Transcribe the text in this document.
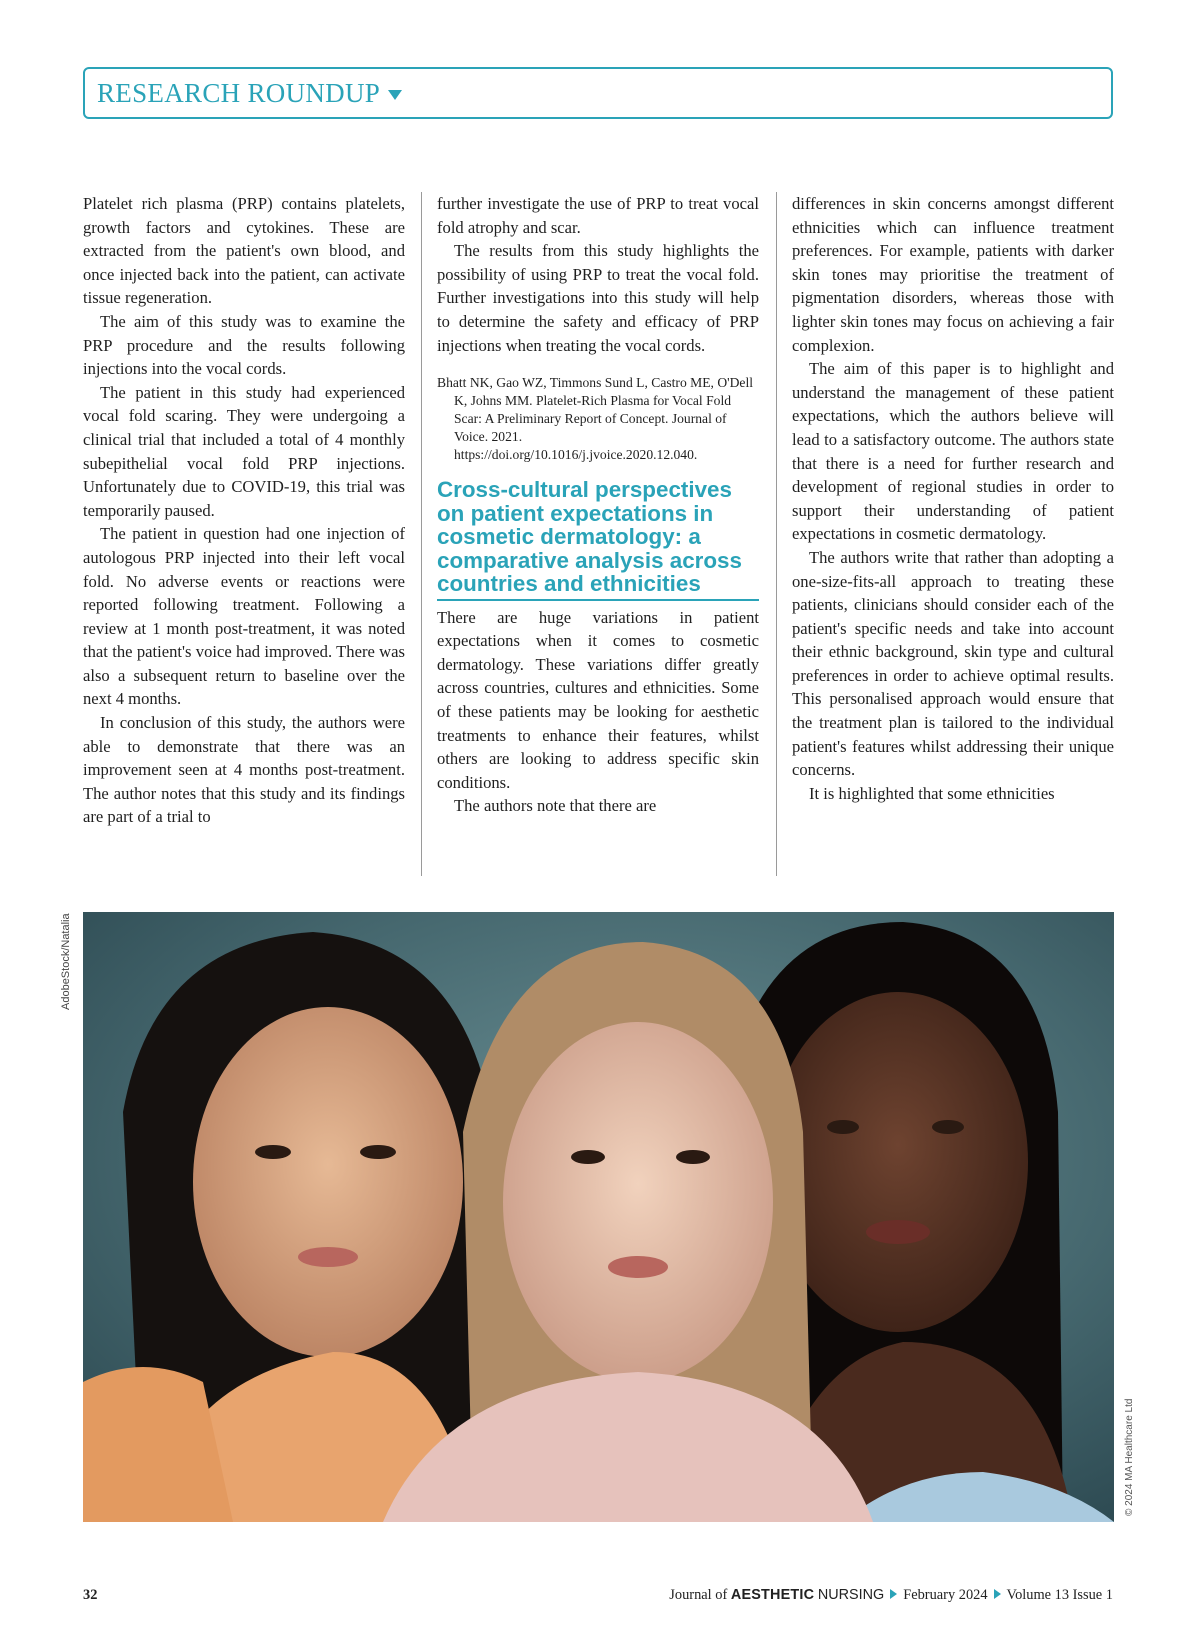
RESEARCH ROUNDUP

Platelet rich plasma (PRP) contains platelets, growth factors and cytokines. These are extracted from the patient's own blood, and once injected back into the patient, can activate tissue regeneration.

The aim of this study was to examine the PRP procedure and the results following injections into the vocal cords.

The patient in this study had experienced vocal fold scaring. They were undergoing a clinical trial that included a total of 4 monthly subepithelial vocal fold PRP injections. Unfortunately due to COVID-19, this trial was temporarily paused.

The patient in question had one injection of autologous PRP injected into their left vocal fold. No adverse events or reactions were reported following treatment. Following a review at 1 month post-treatment, it was noted that the patient's voice had improved. There was also a subsequent return to baseline over the next 4 months.

In conclusion of this study, the authors were able to demonstrate that there was an improvement seen at 4 months post-treatment. The author notes that this study and its findings are part of a trial to

further investigate the use of PRP to treat vocal fold atrophy and scar.

The results from this study highlights the possibility of using PRP to treat the vocal fold. Further investigations into this study will help to determine the safety and efficacy of PRP injections when treating the vocal cords.

Bhatt NK, Gao WZ, Timmons Sund L, Castro ME, O'Dell K, Johns MM. Platelet-Rich Plasma for Vocal Fold Scar: A Preliminary Report of Concept. Journal of Voice. 2021. https://doi.org/10.1016/j.jvoice.2020.12.040.
Cross-cultural perspectives on patient expectations in cosmetic dermatology: a comparative analysis across countries and ethnicities

There are huge variations in patient expectations when it comes to cosmetic dermatology. These variations differ greatly across countries, cultures and ethnicities. Some of these patients may be looking for aesthetic treatments to enhance their features, whilst others are looking to address specific skin conditions.

The authors note that there are

differences in skin concerns amongst different ethnicities which can influence treatment preferences. For example, patients with darker skin tones may prioritise the treatment of pigmentation disorders, whereas those with lighter skin tones may focus on achieving a fair complexion.

The aim of this paper is to highlight and understand the management of these patient expectations, which the authors believe will lead to a satisfactory outcome. The authors state that there is a need for further research and development of regional studies in order to support their understanding of patient expectations in cosmetic dermatology.

The authors write that rather than adopting a one-size-fits-all approach to treating these patients, clinicians should consider each of the patient's specific needs and take into account their ethnic background, skin type and cultural preferences in order to achieve optimal results. This personalised approach would ensure that the treatment plan is tailored to the individual patient's features whilst addressing their unique concerns.

It is highlighted that some ethnicities

AdobeStock/Natalia
© 2024 MA Healthcare Ltd
32	Journal of AESTHETIC NURSING February 2024 Volume 13 Issue 1
